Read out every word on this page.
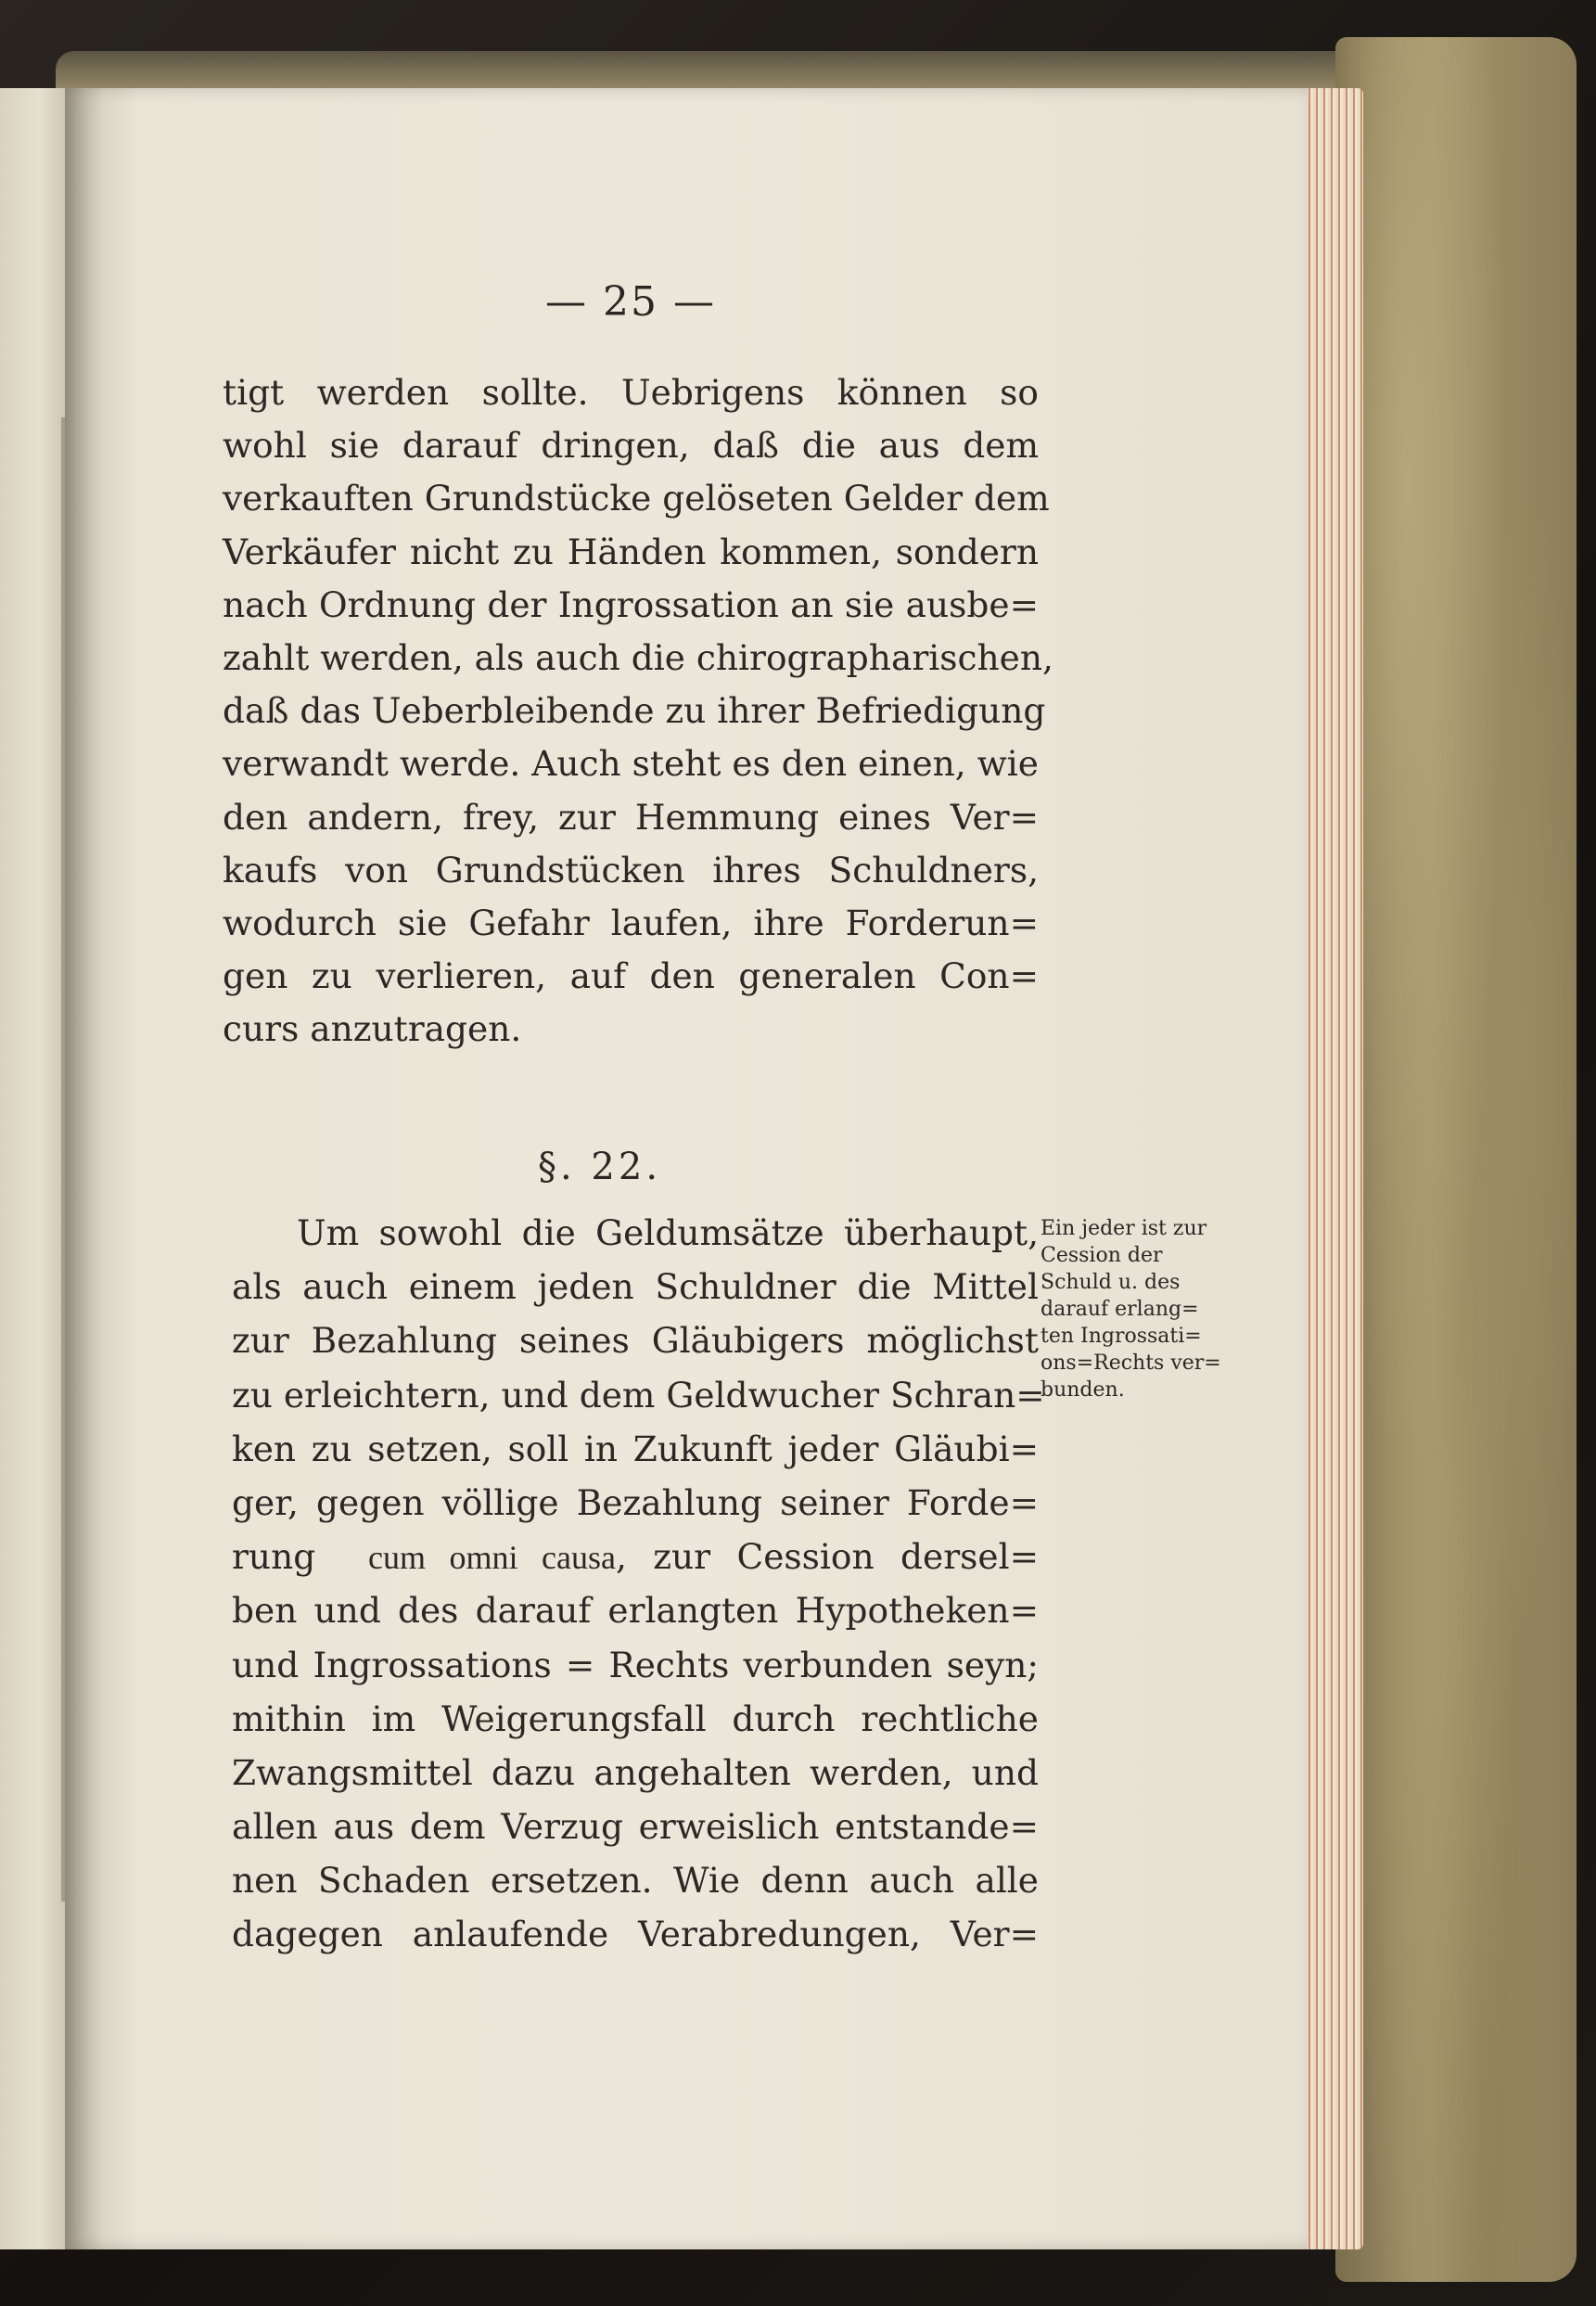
— 25 —
tigt werden sollte. Uebrigens können so
wohl sie darauf dringen, daß die aus dem
verkauften Grundstücke gelöseten Gelder dem
Verkäufer nicht zu Händen kommen, sondern
nach Ordnung der Ingrossation an sie ausbe=
zahlt werden, als auch die chirographarischen,
daß das Ueberbleibende zu ihrer Befriedigung
verwandt werde. Auch steht es den einen, wie
den andern, frey, zur Hemmung eines Ver=
kaufs von Grundstücken ihres Schuldners,
wodurch sie Gefahr laufen, ihre Forderun=
gen zu verlieren, auf den generalen Con=
curs anzutragen.
§. 22.
Um sowohl die Geldumsätze überhaupt,
als auch einem jeden Schuldner die Mittel
zur Bezahlung seines Gläubigers möglichst
zu erleichtern, und dem Geldwucher Schran=
ken zu setzen, soll in Zukunft jeder Gläubi=
ger, gegen völlige Bezahlung seiner Forde=
rung cum omni causa, zur Cession dersel=
ben und des darauf erlangten Hypotheken=
und Ingrossations = Rechts verbunden seyn;
mithin im Weigerungsfall durch rechtliche
Zwangsmittel dazu angehalten werden, und
allen aus dem Verzug erweislich entstande=
nen Schaden ersetzen. Wie denn auch alle
dagegen anlaufende Verabredungen, Ver=
Ein jeder ist zur
Cession der
Schuld u. des
darauf erlang=
ten Ingrossati=
ons=Rechts ver=
bunden.
